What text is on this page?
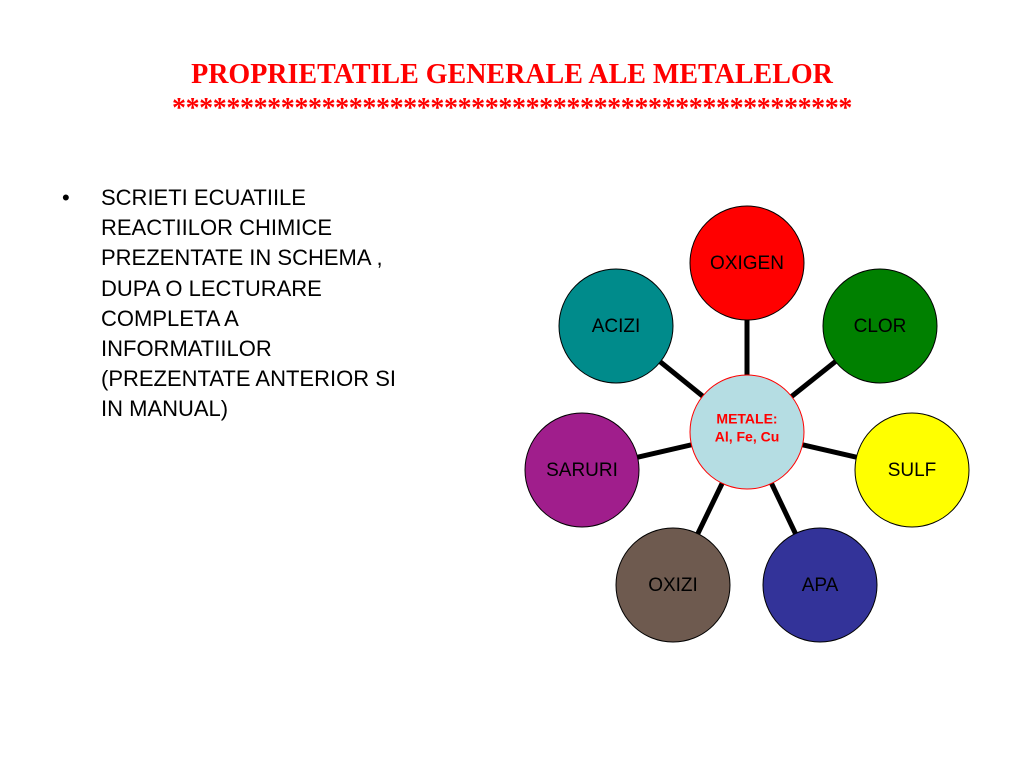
PROPRIETATILE GENERALE ALE METALELOR
**************************************************
• SCRIETI ECUATIILE
REACTIILOR CHIMICE
PREZENTATE IN SCHEMA ,
DUPA O LECTURARE
COMPLETA A
INFORMATIILOR
(PREZENTATE ANTERIOR SI
IN MANUAL)
OXIGEN
CLOR
SULF
APA
OXIZI
SARURI
ACIZI
METALE:
Al, Fe, Cu
